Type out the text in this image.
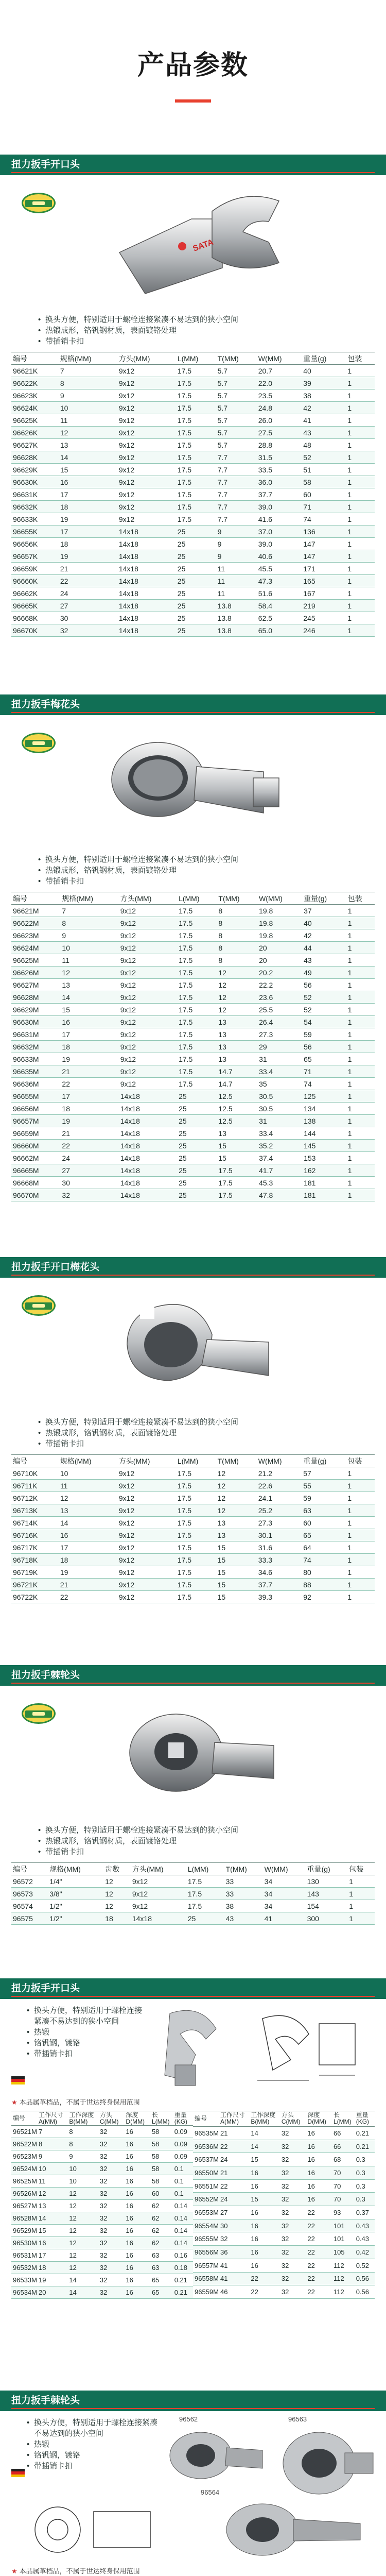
产品参数
扭力扳手开口头
SATA
• 换头方便，特别适用于螺栓连接紧凑不易达到的狭小空间
• 热锻成形，铬钒钢材质，表面镀铬处理
• 带插销卡扣
编号	规格(MM)	方头(MM)	L(MM)	T(MM)	W(MM)	重量(g)	包装
96621K	7	9x12	17.5	5.7	20.7	40	1
96622K	8	9x12	17.5	5.7	22.0	39	1
96623K	9	9x12	17.5	5.7	23.5	38	1
96624K	10	9x12	17.5	5.7	24.8	42	1
96625K	11	9x12	17.5	5.7	26.0	41	1
96626K	12	9x12	17.5	5.7	27.5	43	1
96627K	13	9x12	17.5	5.7	28.8	48	1
96628K	14	9x12	17.5	7.7	31.5	52	1
96629K	15	9x12	17.5	7.7	33.5	51	1
96630K	16	9x12	17.5	7.7	36.0	58	1
96631K	17	9x12	17.5	7.7	37.7	60	1
96632K	18	9x12	17.5	7.7	39.0	71	1
96633K	19	9x12	17.5	7.7	41.6	74	1
96655K	17	14x18	25	9	37.0	136	1
96656K	18	14x18	25	9	39.0	147	1
96657K	19	14x18	25	9	40.6	147	1
96659K	21	14x18	25	11	45.5	171	1
96660K	22	14x18	25	11	47.3	165	1
96662K	24	14x18	25	11	51.6	167	1
96665K	27	14x18	25	13.8	58.4	219	1
96668K	30	14x18	25	13.8	62.5	245	1
96670K	32	14x18	25	13.8	65.0	246	1
扭力扳手梅花头
• 换头方便，特别适用于螺栓连接紧凑不易达到的狭小空间
• 热锻成形，铬钒钢材质，表面镀铬处理
• 带插销卡扣
编号	规格(MM)	方头(MM)	L(MM)	T(MM)	W(MM)	重量(g)	包装
96621M	7	9x12	17.5	8	19.8	37	1
96622M	8	9x12	17.5	8	19.8	40	1
96623M	9	9x12	17.5	8	19.8	42	1
96624M	10	9x12	17.5	8	20	44	1
96625M	11	9x12	17.5	8	20	43	1
96626M	12	9x12	17.5	12	20.2	49	1
96627M	13	9x12	17.5	12	22.2	56	1
96628M	14	9x12	17.5	12	23.6	52	1
96629M	15	9x12	17.5	12	25.5	52	1
96630M	16	9x12	17.5	13	26.4	54	1
96631M	17	9x12	17.5	13	27.3	59	1
96632M	18	9x12	17.5	13	29	56	1
96633M	19	9x12	17.5	13	31	65	1
96635M	21	9x12	17.5	14.7	33.4	71	1
96636M	22	9x12	17.5	14.7	35	74	1
96655M	17	14x18	25	12.5	30.5	125	1
96656M	18	14x18	25	12.5	30.5	134	1
96657M	19	14x18	25	12.5	31	138	1
96659M	21	14x18	25	13	33.4	144	1
96660M	22	14x18	25	15	35.2	145	1
96662M	24	14x18	25	15	37.4	153	1
96665M	27	14x18	25	17.5	41.7	162	1
96668M	30	14x18	25	17.5	45.3	181	1
96670M	32	14x18	25	17.5	47.8	181	1
扭力扳手开口梅花头
• 换头方便，特别适用于螺栓连接紧凑不易达到的狭小空间
• 热锻成形，铬钒钢材质，表面镀铬处理
• 带插销卡扣
编号	规格(MM)	方头(MM)	L(MM)	T(MM)	W(MM)	重量(g)	包装
96710K	10	9x12	17.5	12	21.2	57	1
96711K	11	9x12	17.5	12	22.6	55	1
96712K	12	9x12	17.5	12	24.1	59	1
96713K	13	9x12	17.5	12	25.2	63	1
96714K	14	9x12	17.5	13	27.3	60	1
96716K	16	9x12	17.5	13	30.1	65	1
96717K	17	9x12	17.5	15	31.6	64	1
96718K	18	9x12	17.5	15	33.3	74	1
96719K	19	9x12	17.5	15	34.6	80	1
96721K	21	9x12	17.5	15	37.7	88	1
96722K	22	9x12	17.5	15	39.3	92	1
扭力扳手棘轮头
• 换头方便，特别适用于螺栓连接紧凑不易达到的狭小空间
• 热锻成形，铬钒钢材质，表面镀铬处理
• 带插销卡扣
编号	规格(MM)	齿数	方头(MM)	L(MM)	T(MM)	W(MM)	重量(g)	包装
96572	1/4"	12	9x12	17.5	33	34	130	1
96573	3/8"	12	9x12	17.5	33	34	143	1
96574	1/2"	12	9x12	17.5	38	34	154	1
96575	1/2"	18	14x18	25	43	41	300	1
扭力扳手开口头
• 换头方便，特别适用于螺栓连接紧凑不易达到的狭小空间
• 热锻
• 铬钒钢，镀铬
• 带插销卡扣
★ 本品属革档品，不属于世达终身保用范围
编号	工作尺寸 A(MM)	工作深度 B(MM)	方头 C(MM)	深度 D(MM)	长 L(MM)	重量 (KG)
96521M	7	8	32	16	58	0.09
96522M	8	8	32	16	58	0.09
96523M	9	9	32	16	58	0.09
96524M	10	10	32	16	58	0.1
96525M	11	10	32	16	58	0.1
96526M	12	12	32	16	60	0.1
96527M	13	12	32	16	62	0.14
96528M	14	12	32	16	62	0.14
96529M	15	12	32	16	62	0.14
96530M	16	12	32	16	62	0.14
96531M	17	12	32	16	63	0.16
96532M	18	12	32	16	63	0.18
96533M	19	14	32	16	65	0.21
96534M	20	14	32	16	65	0.21
编号	工作尺寸 A(MM)	工作深度 B(MM)	方头 C(MM)	深度 D(MM)	长 L(MM)	重量 (KG)
96535M	21	14	32	16	66	0.21
96536M	22	14	32	16	66	0.21
96537M	24	15	32	16	68	0.3
96550M	21	16	32	16	70	0.3
96551M	22	16	32	16	70	0.3
96552M	24	15	32	16	70	0.3
96553M	27	16	32	22	93	0.37
96554M	30	16	32	22	101	0.43
96555M	32	16	32	22	101	0.43
96556M	36	16	32	22	105	0.42
96557M	41	16	32	22	112	0.52
96558M	41	22	32	22	112	0.56
96559M	46	22	32	22	112	0.56
扭力扳手棘轮头
• 换头方便，特别适用于螺栓连接紧凑不易达到的狭小空间
• 热锻
• 铬钒钢，镀铬
• 带插销卡扣
96562	96563
96564
★ 本品属革档品，不属于世达终身保用范围
